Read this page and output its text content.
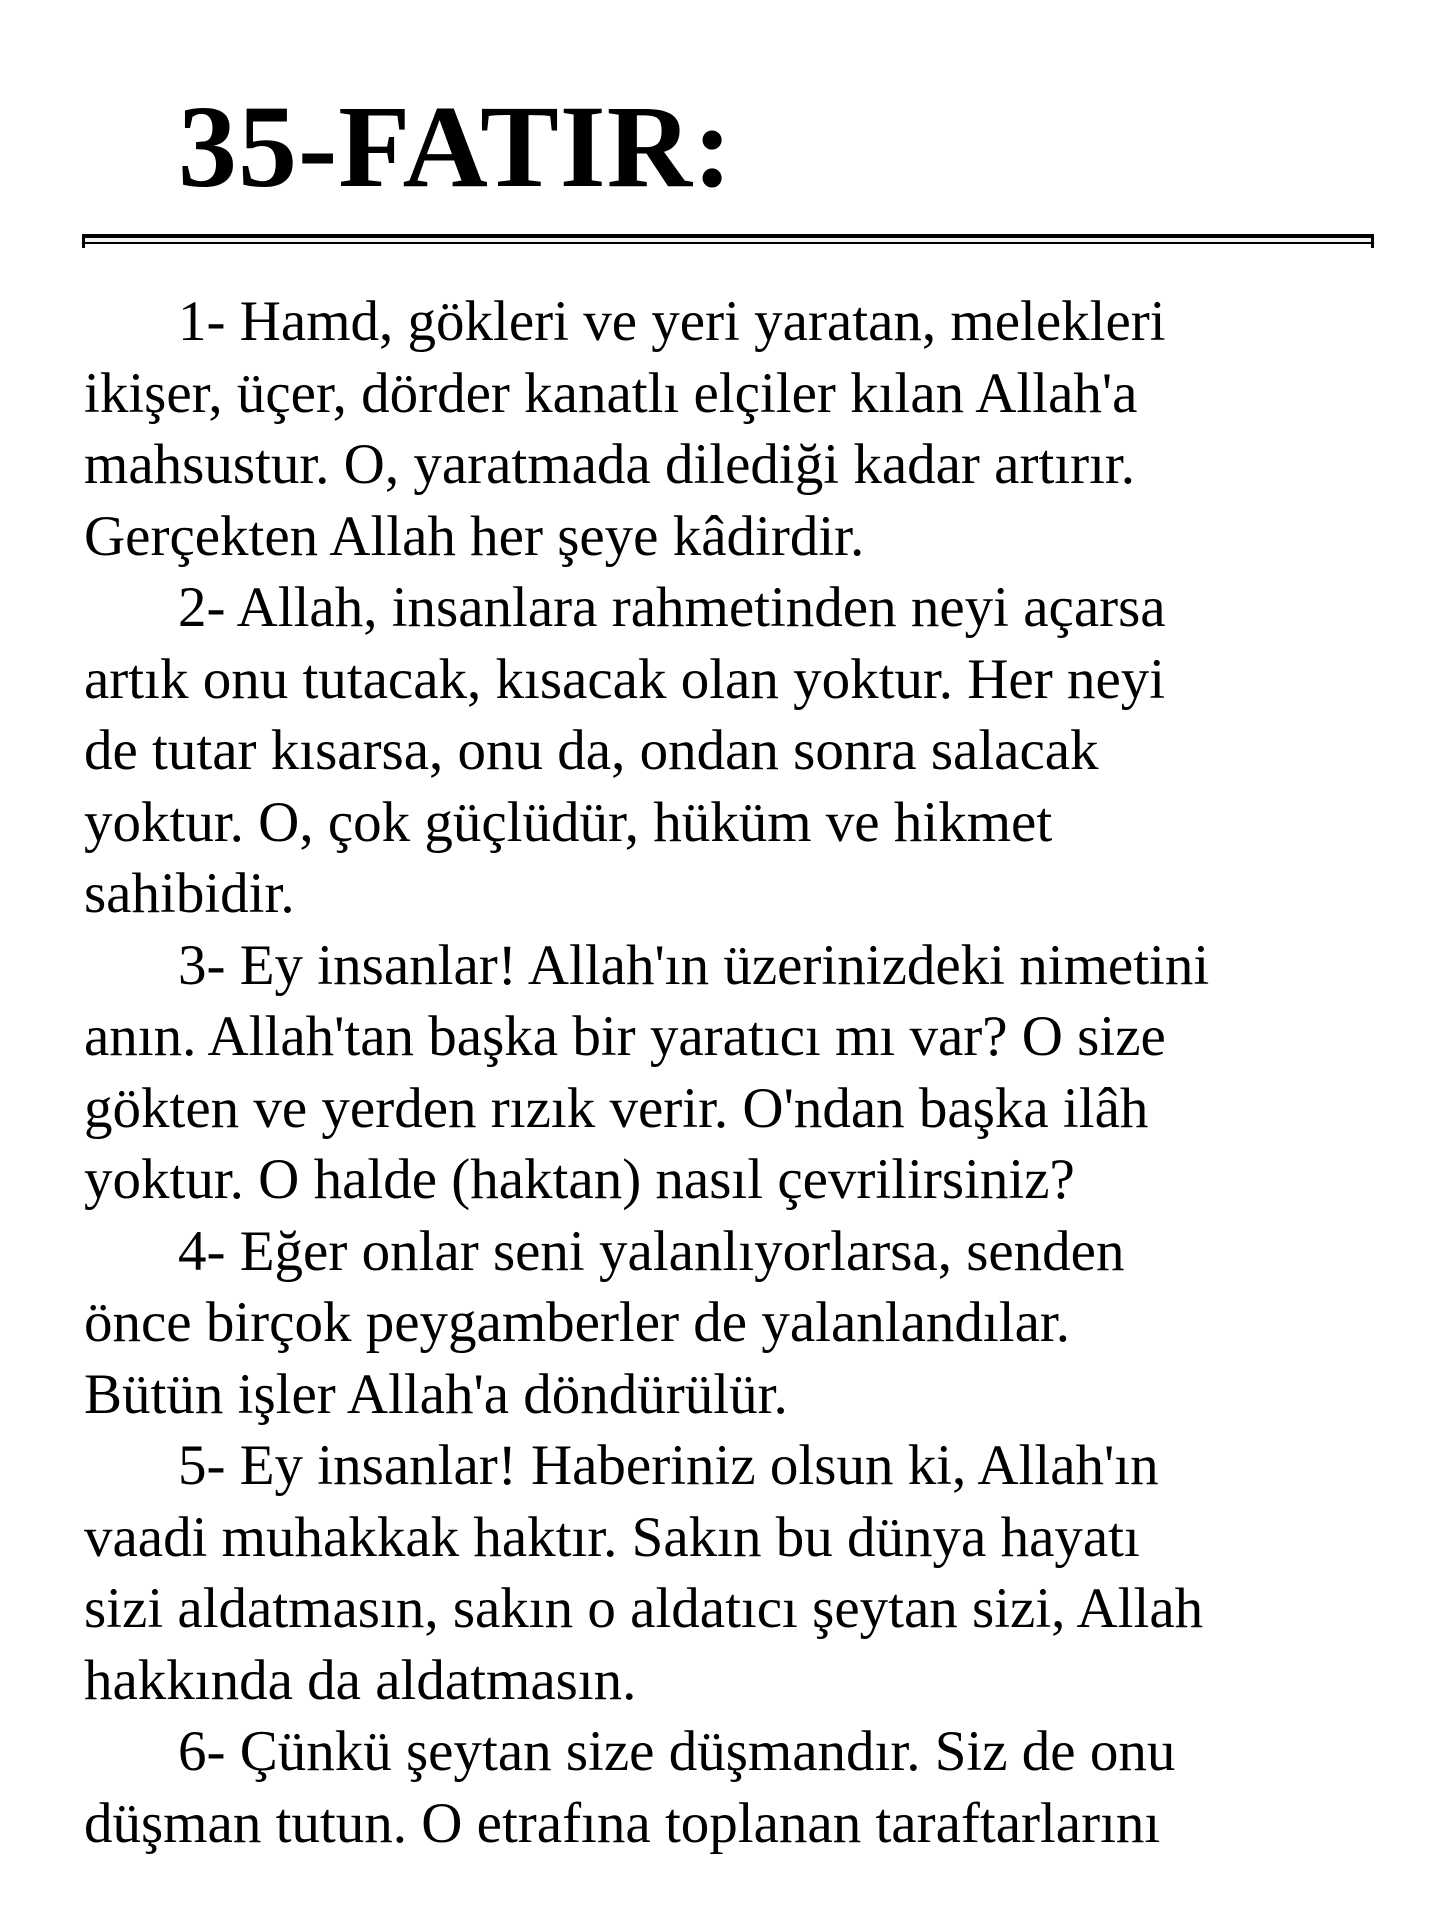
35-FATIR:

1- Hamd, gökleri ve yeri yaratan, melekleri
ikişer, üçer, dörder kanatlı elçiler kılan Allah'a
mahsustur. O, yaratmada dilediği kadar artırır.
Gerçekten Allah her şeye kâdirdir.

2- Allah, insanlara rahmetinden neyi açarsa
artık onu tutacak, kısacak olan yoktur. Her neyi
de tutar kısarsa, onu da, ondan sonra salacak
yoktur. O, çok güçlüdür, hüküm ve hikmet
sahibidir.

3- Ey insanlar! Allah'ın üzerinizdeki nimetini
anın. Allah'tan başka bir yaratıcı mı var? O size
gökten ve yerden rızık verir. O'ndan başka ilâh
yoktur. O halde (haktan) nasıl çevrilirsiniz?

4- Eğer onlar seni yalanlıyorlarsa, senden
önce birçok peygamberler de yalanlandılar.
Bütün işler Allah'a döndürülür.

5- Ey insanlar! Haberiniz olsun ki, Allah'ın
vaadi muhakkak haktır. Sakın bu dünya hayatı
sizi aldatmasın, sakın o aldatıcı şeytan sizi, Allah
hakkında da aldatmasın.

6- Çünkü şeytan size düşmandır. Siz de onu
düşman tutun. O etrafına toplanan taraftarlarını
